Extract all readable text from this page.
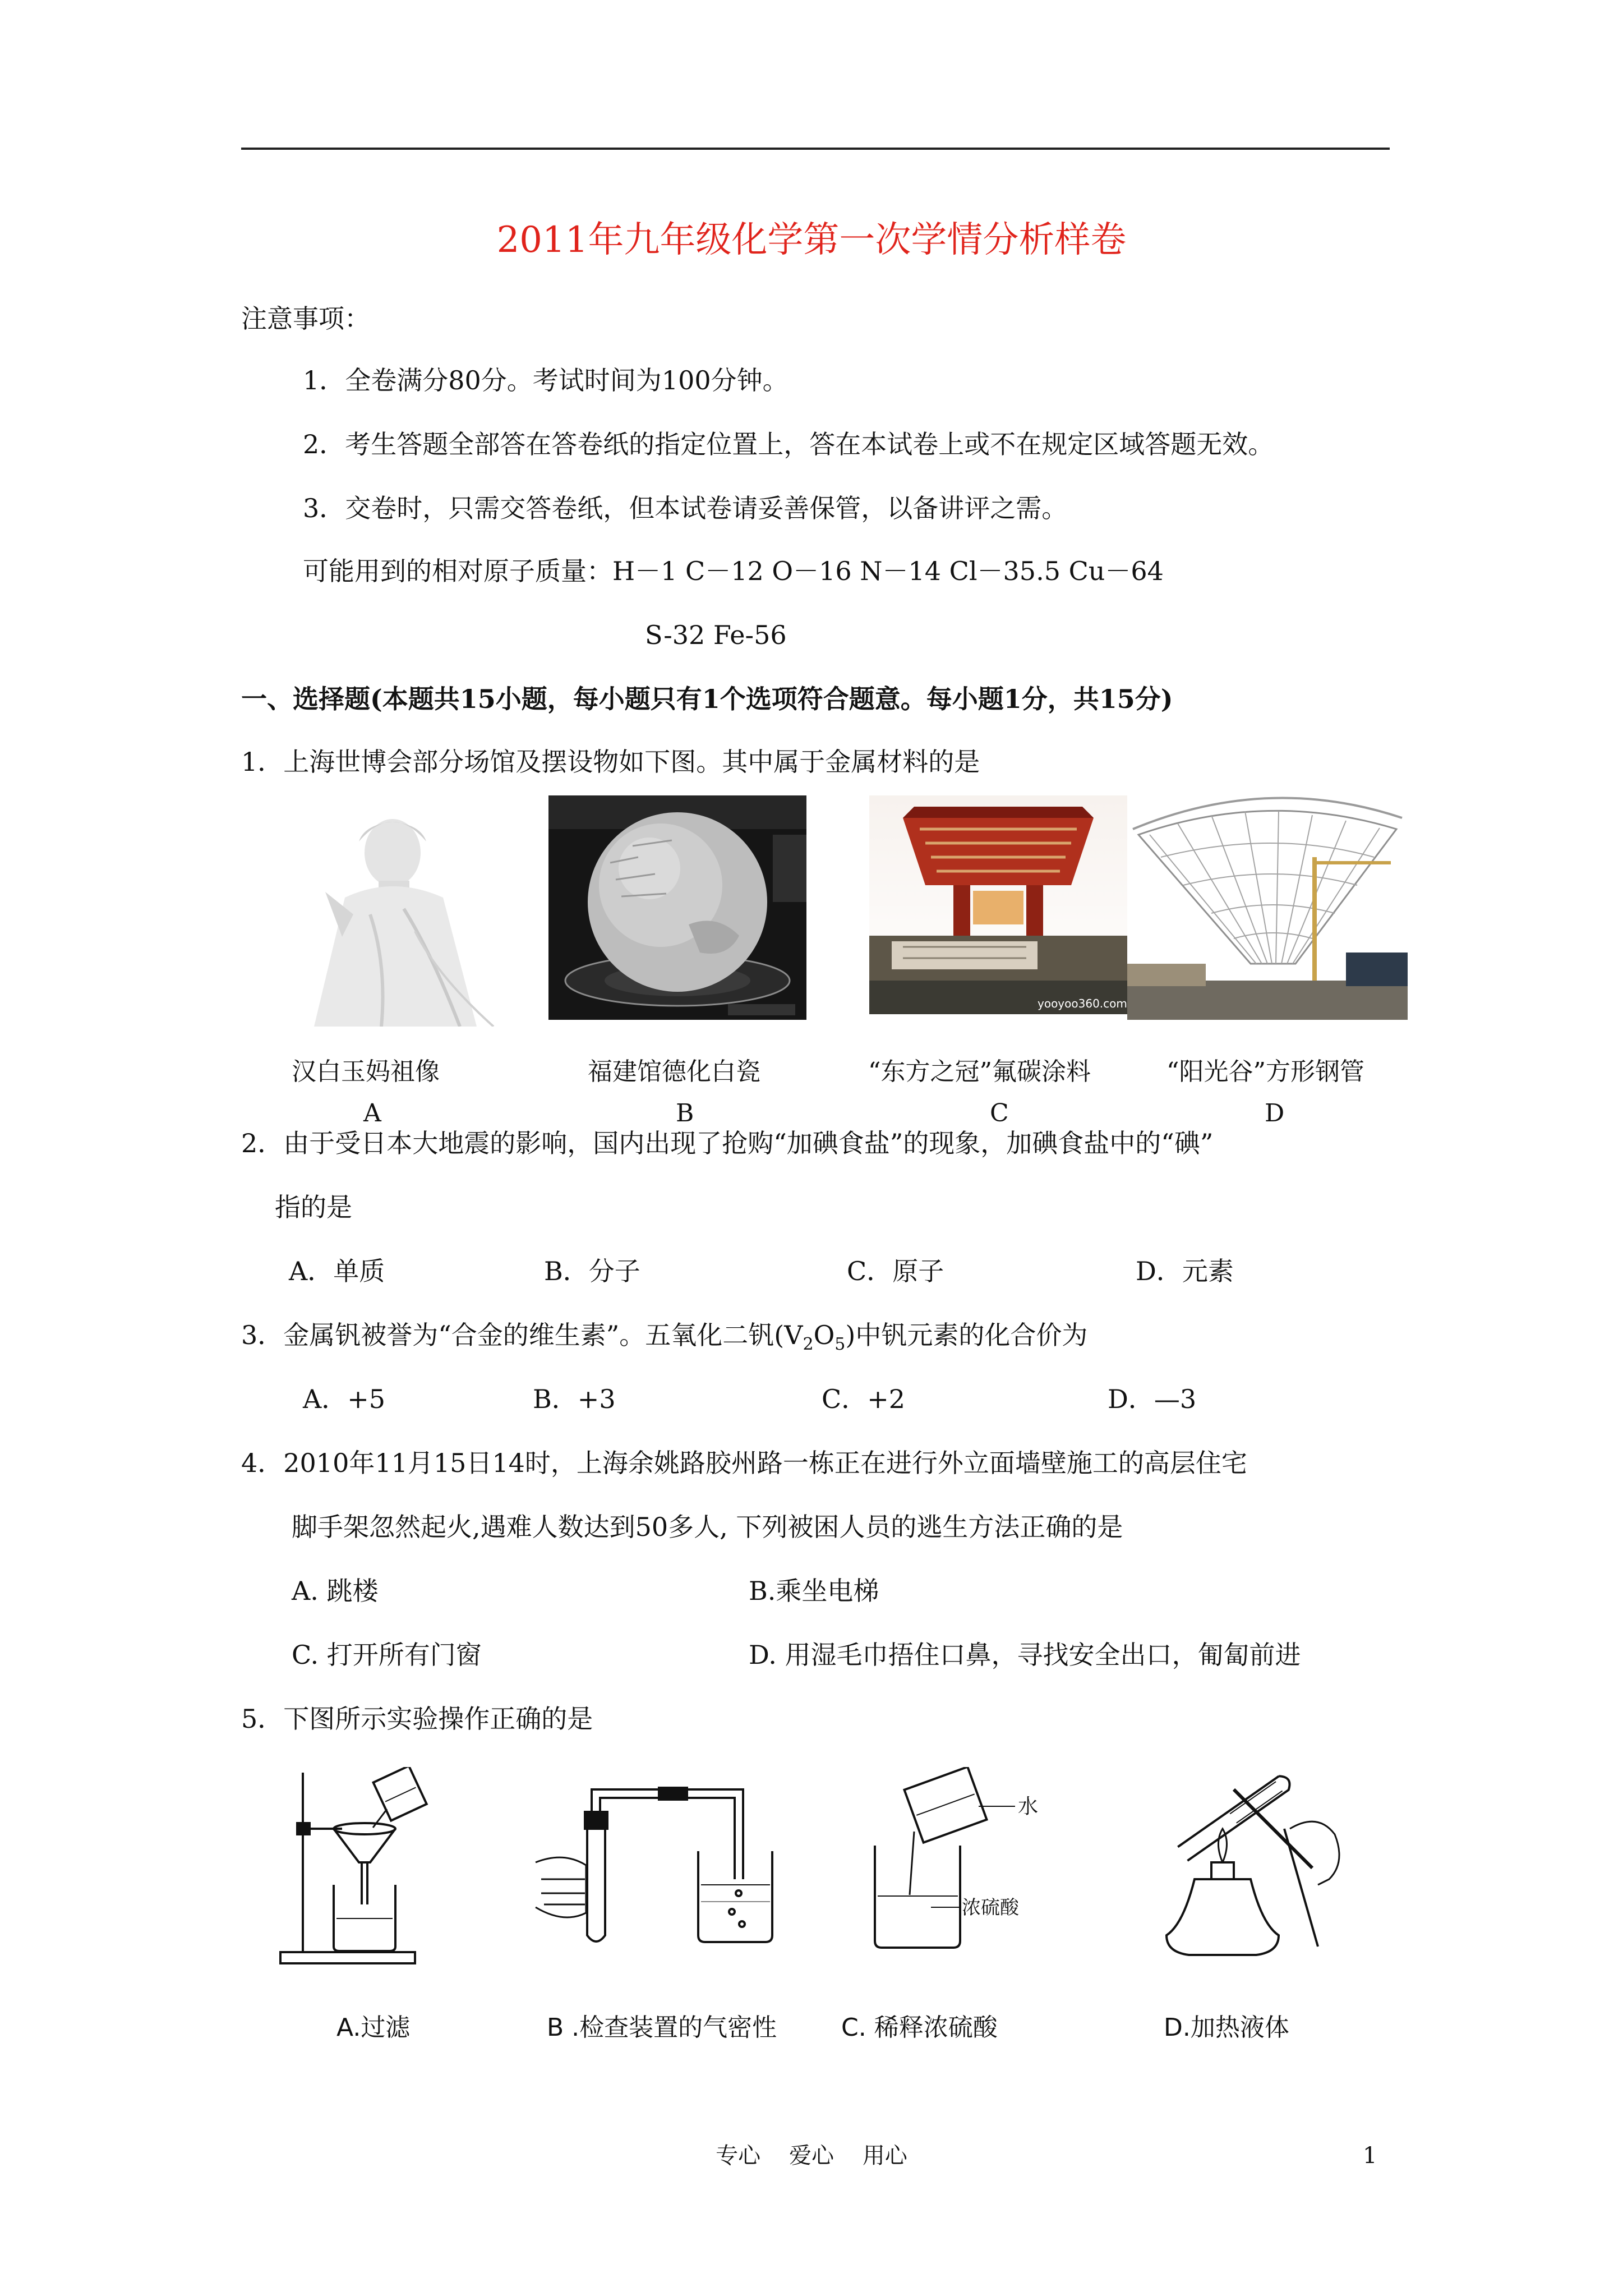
2011年九年级化学第一次学情分析样卷
注意事项：
1．全卷满分80分。考试时间为100分钟。
2．考生答题全部答在答卷纸的指定位置上，答在本试卷上或不在规定区域答题无效。
3．交卷时，只需交答卷纸，但本试卷请妥善保管，以备讲评之需。
可能用到的相对原子质量：H－1 C－12 O－16 N－14 Cl－35.5 Cu－64
S-32 Fe-56
一、选择题(本题共15小题，每小题只有1个选项符合题意。每小题1分，共15分)
1．上海世博会部分场馆及摆设物如下图。其中属于金属材料的是
yooyoo360.com
汉白玉妈祖像	福建馆德化白瓷	“东方之冠”氟碳涂料	“阳光谷”方形钢管
A	B	C	D
2．由于受日本大地震的影响，国内出现了抢购“加碘食盐”的现象，加碘食盐中的“碘”
指的是
A．单质	B．分子	C．原子	D．元素
3．金属钒被誉为“合金的维生素”。五氧化二钒$(V_2O_5)$中钒元素的化合价为
A．+5	B．+3	C．+2	D．—3
4．2010年11月15日14时，上海余姚路胶州路一栋正在进行外立面墙壁施工的高层住宅
脚手架忽然起火,遇难人数达到50多人, 下列被困人员的逃生方法正确的是
A. 跳楼	B.乘坐电梯
C. 打开所有门窗	D. 用湿毛巾捂住口鼻，寻找安全出口，匍匐前进
5．下图所示实验操作正确的是
水
浓硫酸
A.过滤	B .检查装置的气密性	C. 稀释浓硫酸	D.加热液体
专心    爱心    用心	1
